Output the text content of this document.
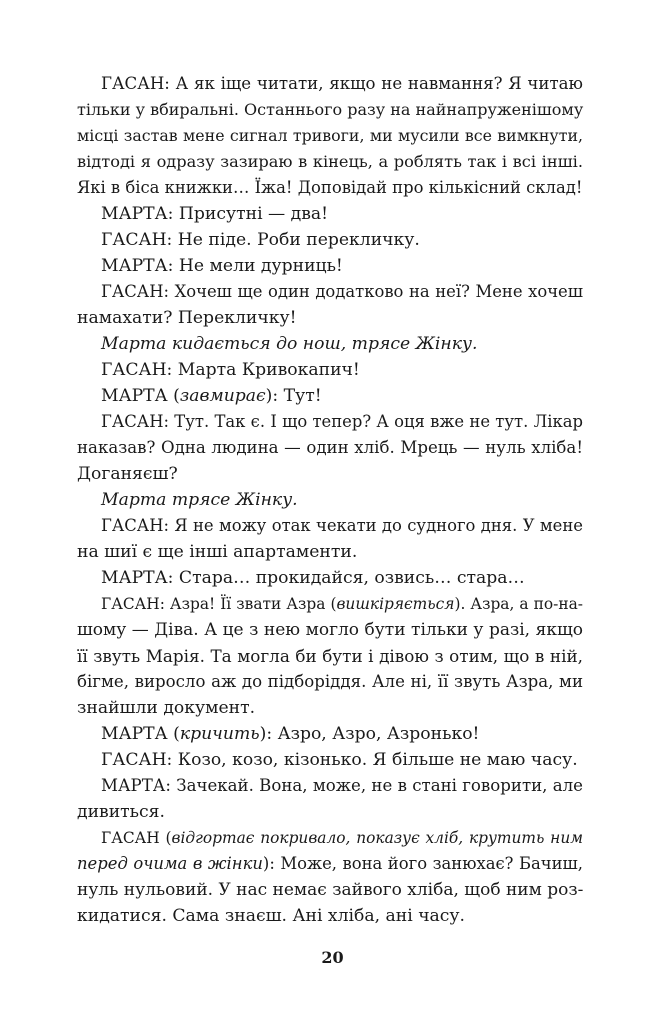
ГАСАН: А як іще читати, якщо не навмання? Я читаю
тільки у вбиральні. Останнього разу на найнапруженішому
місці застав мене сигнал тривоги, ми мусили все вимкнути,
відтоді я одразу зазираю в кінець, а роблять так і всі інші.
Які в біса книжки… Їжа! Доповідай про кількісний склад!
МАРТА: Присутні — два!
ГАСАН: Не піде. Роби перекличку.
МАРТА: Не мели дурниць!
ГАСАН: Хочеш ще один додатково на неї? Мене хочеш
намахати? Перекличку!
Марта кидається до нош, трясе Жінку.
ГАСАН: Марта Кривокапич!
МАРТА (завмирає): Тут!
ГАСАН: Тут. Так є. І що тепер? А оця вже не тут. Лікар
наказав? Одна людина — один хліб. Мрець — нуль хліба!
Доганяєш?
Марта трясе Жінку.
ГАСАН: Я не можу отак чекати до судного дня. У мене
на шиї є ще інші апартаменти.
МАРТА: Стара… прокидайся, озвись… стара…
ГАСАН: Азра! Її звати Азра (вишкіряється). Азра, а по-на-
шому — Діва. А це з нею могло бути тільки у разі, якщо
її звуть Марія. Та могла би бути і дівою з отим, що в ній,
бігме, виросло аж до підборіддя. Але ні, її звуть Азра, ми
знайшли документ.
МАРТА (кричить): Азро, Азро, Азронько!
ГАСАН: Козо, козо, кізонько. Я більше не маю часу.
МАРТА: Зачекай. Вона, може, не в стані говорити, але
дивиться.
ГАСАН (відгортає покривало, показує хліб, крутить ним
перед очима в жінки): Може, вона його занюхає? Бачиш,
нуль нульовий. У нас немає зайвого хліба, щоб ним роз-
кидатися. Сама знаєш. Ані хліба, ані часу.
20
